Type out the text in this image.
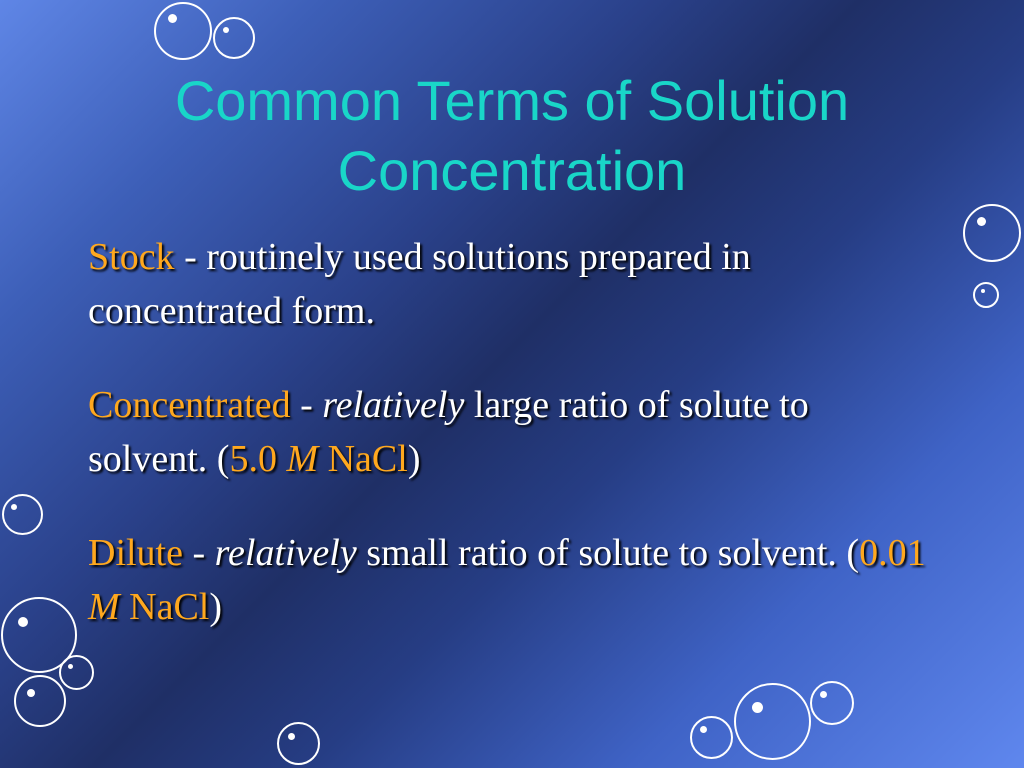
Common Terms of Solution
Concentration

Stock - routinely used solutions prepared in concentrated form.

Concentrated - relatively large ratio of solute to solvent. (5.0 M NaCl)

Dilute - relatively small ratio of solute to solvent. (0.01 M NaCl)
